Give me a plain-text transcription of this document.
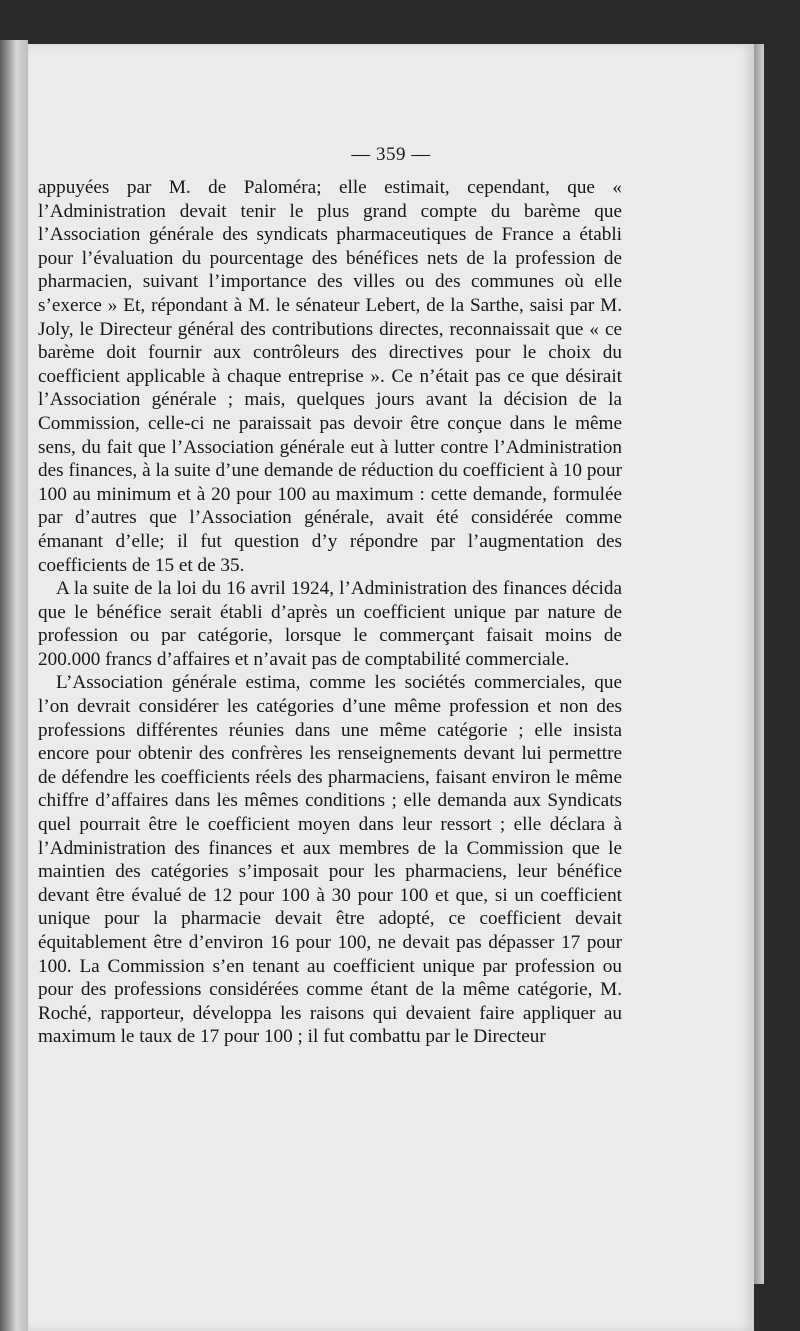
— 359 —

appuyées par M. de Paloméra; elle estimait, cependant, que « l’Administration devait tenir le plus grand compte du barème que l’Association générale des syndicats pharmaceutiques de France a établi pour l’évaluation du pourcentage des bénéfices nets de la profession de pharmacien, suivant l’importance des villes ou des communes où elle s’exerce » Et, répondant à M. le sénateur Lebert, de la Sarthe, saisi par M. Joly, le Directeur général des contributions directes, reconnaissait que « ce barème doit fournir aux contrôleurs des directives pour le choix du coefficient applicable à chaque entreprise ». Ce n’était pas ce que désirait l’Association générale ; mais, quelques jours avant la décision de la Commission, celle-ci ne paraissait pas devoir être conçue dans le même sens, du fait que l’Association générale eut à lutter contre l’Administration des finances, à la suite d’une demande de réduction du coefficient à 10 pour 100 au minimum et à 20 pour 100 au maximum : cette demande, formulée par d’autres que l’Association générale, avait été considérée comme émanant d’elle; il fut question d’y répondre par l’augmentation des coefficients de 15 et de 35.

A la suite de la loi du 16 avril 1924, l’Administration des finances décida que le bénéfice serait établi d’après un coefficient unique par nature de profession ou par catégorie, lorsque le commerçant faisait moins de 200.000 francs d’affaires et n’avait pas de comptabilité commerciale.

L’Association générale estima, comme les sociétés commerciales, que l’on devrait considérer les catégories d’une même profession et non des professions différentes réunies dans une même catégorie ; elle insista encore pour obtenir des confrères les renseignements devant lui permettre de défendre les coefficients réels des pharmaciens, faisant environ le même chiffre d’affaires dans les mêmes conditions ; elle demanda aux Syndicats quel pourrait être le coefficient moyen dans leur ressort ; elle déclara à l’Administration des finances et aux membres de la Commission que le maintien des catégories s’imposait pour les pharmaciens, leur bénéfice devant être évalué de 12 pour 100 à 30 pour 100 et que, si un coefficient unique pour la pharmacie devait être adopté, ce coefficient devait équitablement être d’environ 16 pour 100, ne devait pas dépasser 17 pour 100. La Commission s’en tenant au coefficient unique par profession ou pour des professions considérées comme étant de la même catégorie, M. Roché, rapporteur, développa les raisons qui devaient faire appliquer au maximum le taux de 17 pour 100 ; il fut combattu par le Directeur
